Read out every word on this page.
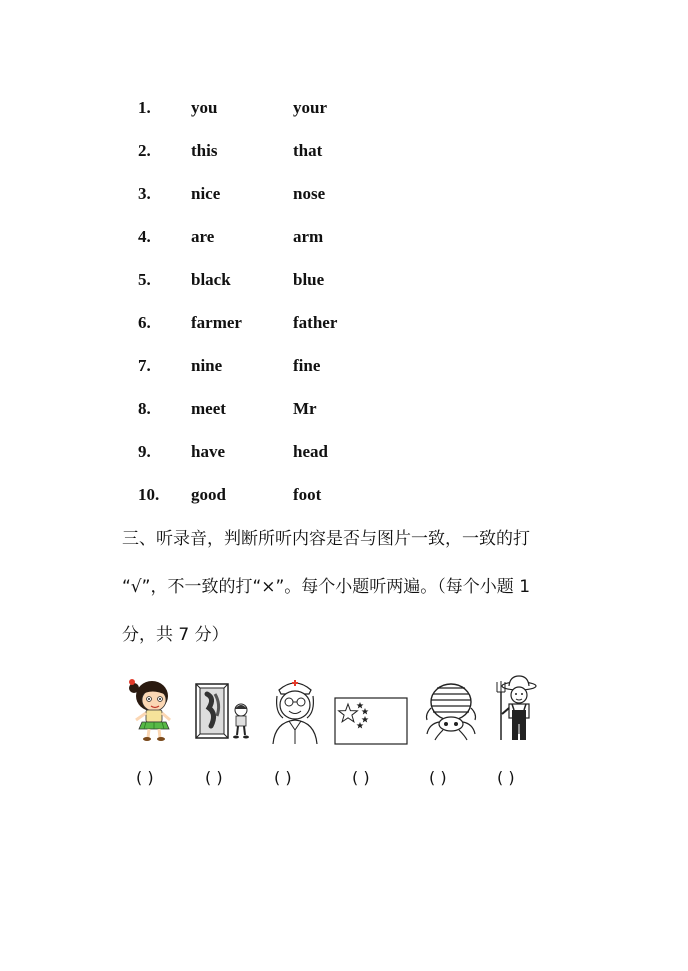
1. you	your
2. this	that
3. nice	nose
4. are	arm
5. black	blue
6. farmer	father
7. nine	fine
8. meet	Mr
9. have	head
10. good	foot
三、听录音，判断所听内容是否与图片一致，一致的打
“√”，不一致的打“×”。每个小题听两遍。（每个小题 1
分，共 7 分）
( )	( )	( )	( )	( )	( )
